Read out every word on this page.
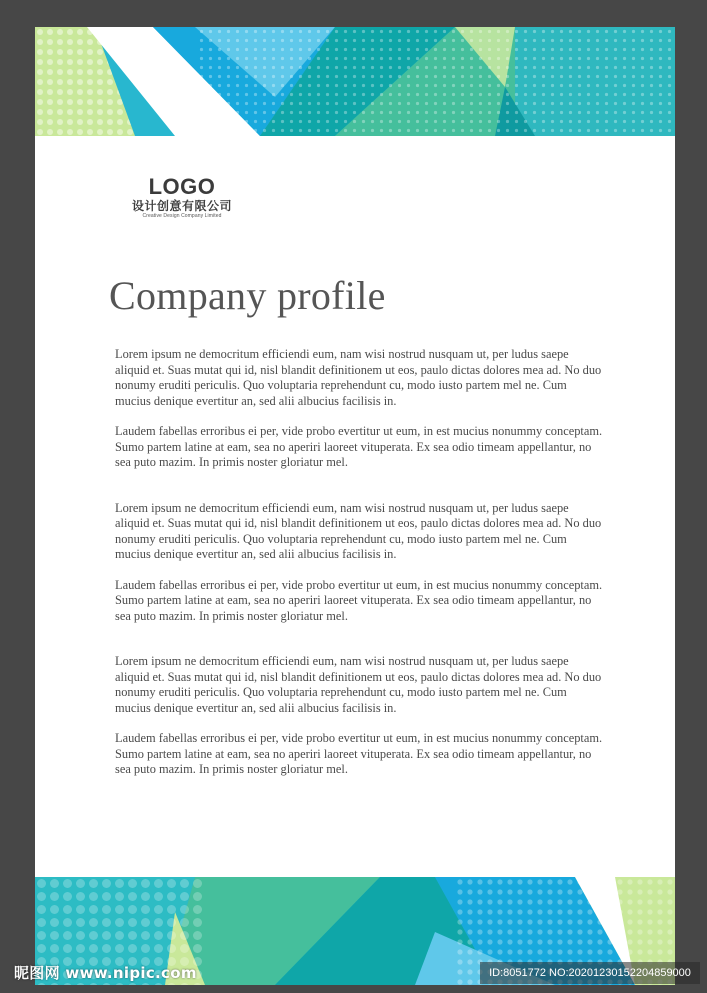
LOGO
设计创意有限公司
Creative Design Company Limited
Company profile

Lorem ipsum ne democritum efficiendi eum, nam wisi nostrud nusquam ut, per ludus saepe aliquid et. Suas mutat qui id, nisl blandit definitionem ut eos, paulo dictas dolores mea ad. No duo nonumy eruditi periculis. Quo voluptaria reprehendunt cu, modo iusto partem mel ne. Cum mucius denique evertitur an, sed alii albucius facilisis in.

Laudem fabellas erroribus ei per, vide probo evertitur ut eum, in est mucius nonummy conceptam. Sumo partem latine at eam, sea no aperiri laoreet vituperata. Ex sea odio timeam appellantur, no sea puto mazim. In primis noster gloriatur mel.

Lorem ipsum ne democritum efficiendi eum, nam wisi nostrud nusquam ut, per ludus saepe aliquid et. Suas mutat qui id, nisl blandit definitionem ut eos, paulo dictas dolores mea ad. No duo nonumy eruditi periculis. Quo voluptaria reprehendunt cu, modo iusto partem mel ne. Cum mucius denique evertitur an, sed alii albucius facilisis in.

Laudem fabellas erroribus ei per, vide probo evertitur ut eum, in est mucius nonummy conceptam. Sumo partem latine at eam, sea no aperiri laoreet vituperata. Ex sea odio timeam appellantur, no sea puto mazim. In primis noster gloriatur mel.

Lorem ipsum ne democritum efficiendi eum, nam wisi nostrud nusquam ut, per ludus saepe aliquid et. Suas mutat qui id, nisl blandit definitionem ut eos, paulo dictas dolores mea ad. No duo nonumy eruditi periculis. Quo voluptaria reprehendunt cu, modo iusto partem mel ne. Cum mucius denique evertitur an, sed alii albucius facilisis in.

Laudem fabellas erroribus ei per, vide probo evertitur ut eum, in est mucius nonummy conceptam. Sumo partem latine at eam, sea no aperiri laoreet vituperata. Ex sea odio timeam appellantur, no sea puto mazim. In primis noster gloriatur mel.

昵图网 www.nipic.com	ID:8051772 NO:20201230152204859000
